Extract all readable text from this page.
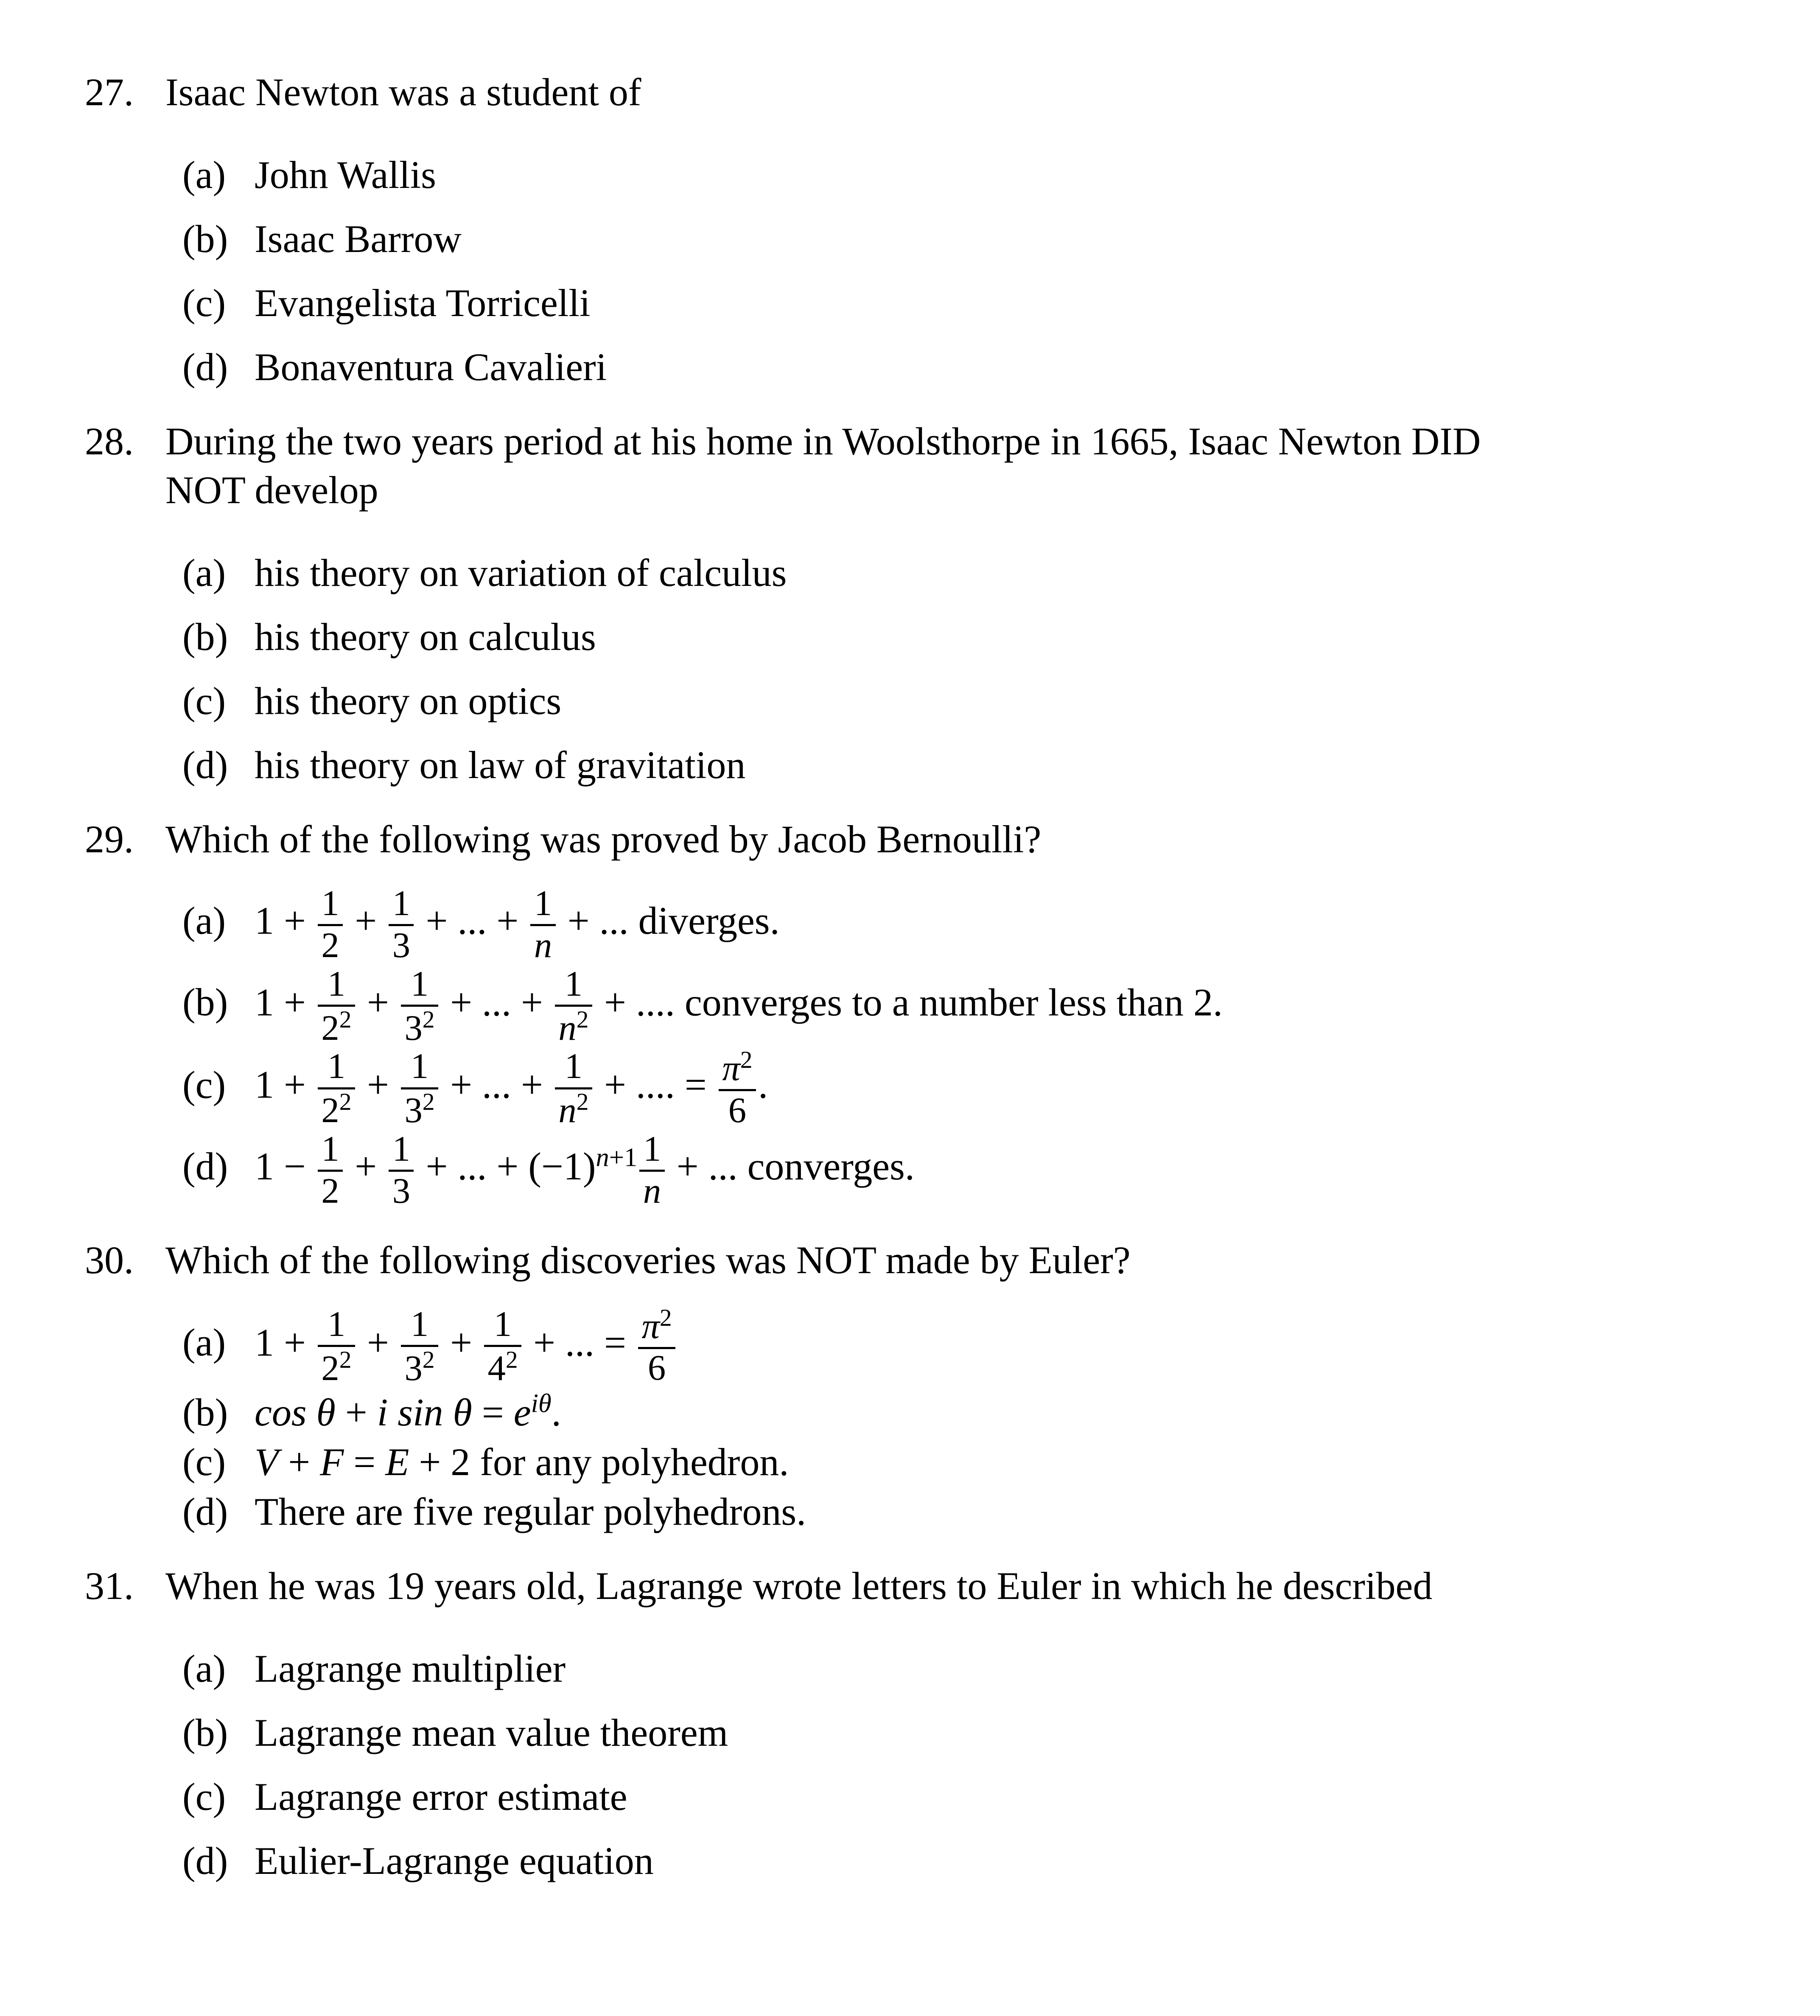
27. Isaac Newton was a student of
(a) John Wallis
(b) Isaac Barrow
(c) Evangelista Torricelli
(d) Bonaventura Cavalieri
28. During the two years period at his home in Woolsthorpe in 1665, Isaac Newton DID
NOT develop
(a) his theory on variation of calculus
(b) his theory on calculus
(c) his theory on optics
(d) his theory on law of gravitation
29. Which of the following was proved by Jacob Bernoulli?
(a) $1 + \frac{1}{2} + \frac{1}{3}$ + ... + $\frac{1}{n}$ + ... diverges.
(b) $1 + \frac{1}{2^2} + \frac{1}{3^2}$ + ... + $\frac{1}{n^2}$ + .... converges to a number less than 2.
(c) $1 + \frac{1}{2^2} + \frac{1}{3^2}$ + ... + $\frac{1}{n^2}$ + .... = $\frac{\pi^2}{6}$ .
(d) $1 - \frac{1}{2} + \frac{1}{3}$ + ... + $(-1)^{n+1} \frac{1}{n}$ + ... converges.
30. Which of the following discoveries was NOT made by Euler?
(a) $1 + \frac{1}{2^2} + \frac{1}{3^2} + \frac{1}{4^2}$ + ... = $\frac{\pi^2}{6}$
(b) cos θ + i $\sin \theta = e^{i\theta}$.
(c) V + F = E + 2 for any polyhedron.
(d) There are five regular polyhedrons.
31. When he was 19 years old, Lagrange wrote letters to Euler in which he described
(a) Lagrange multiplier
(b) Lagrange mean value theorem
(c) Lagrange error estimate
(d) Eulier-Lagrange equation
